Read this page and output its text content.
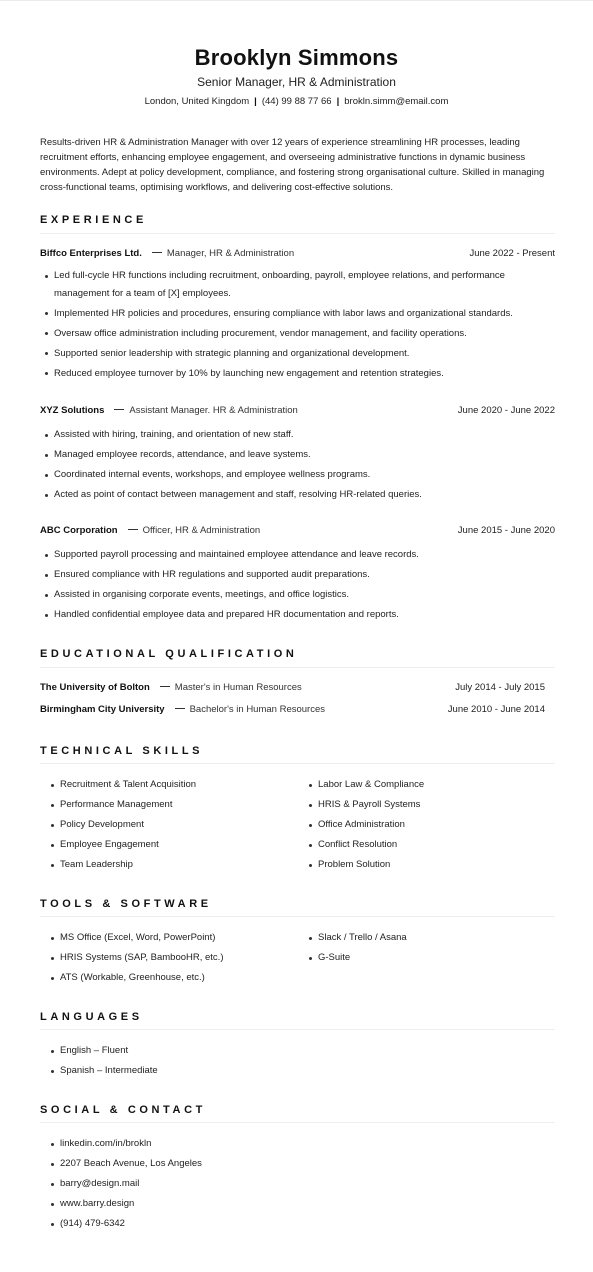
Brooklyn Simmons
Senior Manager, HR & Administration
London, United Kingdom | (44) 99 88 77 66 | brokln.simm@email.com
Results-driven HR & Administration Manager with over 12 years of experience streamlining HR processes, leading recruitment efforts, enhancing employee engagement, and overseeing administrative functions in dynamic business environments. Adept at policy development, compliance, and fostering strong organisational culture. Skilled in managing cross-functional teams, optimising workflows, and delivering cost-effective solutions.
EXPERIENCE
Biffco Enterprises Ltd.	Manager, HR & Administration	June 2022 - Present
Led full-cycle HR functions including recruitment, onboarding, payroll, employee relations, and performance management for a team of [X] employees.
Implemented HR policies and procedures, ensuring compliance with labor laws and organizational standards.
Oversaw office administration including procurement, vendor management, and facility operations.
Supported senior leadership with strategic planning and organizational development.
Reduced employee turnover by 10% by launching new engagement and retention strategies.
XYZ Solutions	Assistant Manager. HR & Administration	June 2020 - June 2022
Assisted with hiring, training, and orientation of new staff.
Managed employee records, attendance, and leave systems.
Coordinated internal events, workshops, and employee wellness programs.
Acted as point of contact between management and staff, resolving HR-related queries.
ABC Corporation	Officer, HR & Administration	June 2015 - June 2020
Supported payroll processing and maintained employee attendance and leave records.
Ensured compliance with HR regulations and supported audit preparations.
Assisted in organising corporate events, meetings, and office logistics.
Handled confidential employee data and prepared HR documentation and reports.
EDUCATIONAL QUALIFICATION
The University of Bolton	Master's in Human Resources	July 2014 - July 2015
Birmingham City University	Bachelor's in Human Resources	June 2010 - June 2014
TECHNICAL SKILLS
Recruitment & Talent Acquisition
Performance Management
Policy Development
Employee Engagement
Team Leadership
Labor Law & Compliance
HRIS & Payroll Systems
Office Administration
Conflict Resolution
Problem Solution
TOOLS & SOFTWARE
MS Office (Excel, Word, PowerPoint)
HRIS Systems (SAP, BambooHR, etc.)
ATS (Workable, Greenhouse, etc.)
Slack / Trello / Asana
G-Suite
LANGUAGES
English – Fluent
Spanish – Intermediate
SOCIAL & CONTACT
linkedin.com/in/brokln
2207 Beach Avenue, Los Angeles
barry@design.mail
www.barry.design
(914) 479-6342
